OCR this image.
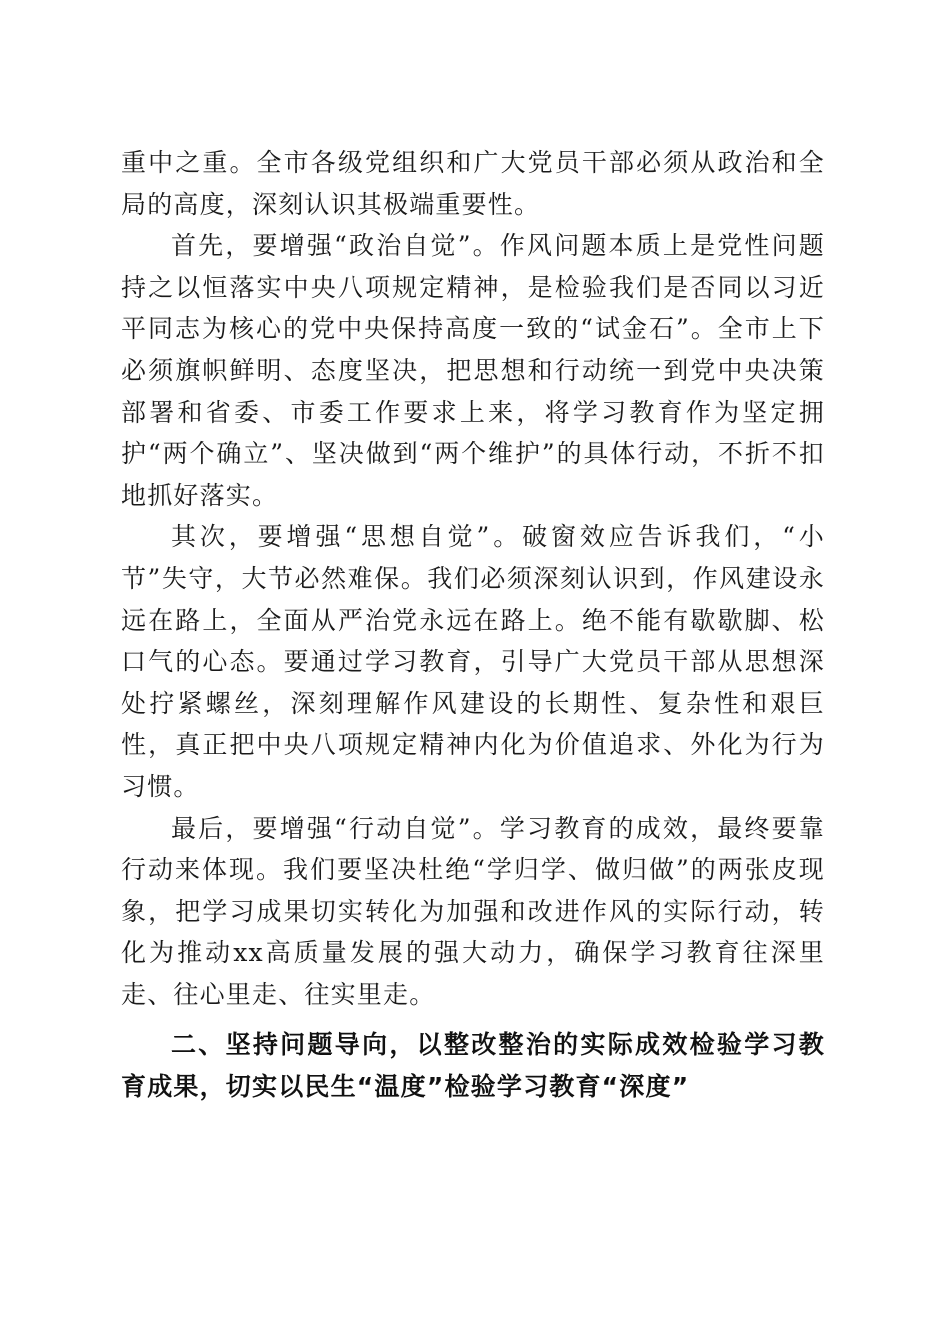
重中之重。全市各级党组织和广大党员干部必须从政治和全局的高度，深刻认识其极端重要性。

首先，要增强“政治自觉”。作风问题本质上是党性问题持之以恒落实中央八项规定精神，是检验我们是否同以习近平同志为核心的党中央保持高度一致的“试金石”。全市上下必须旗帜鲜明、态度坚决，把思想和行动统一到党中央决策部署和省委、市委工作要求上来，将学习教育作为坚定拥护“两个确立”、坚决做到“两个维护”的具体行动，不折不扣地抓好落实。

其次，要增强“思想自觉”。破窗效应告诉我们，“小节”失守，大节必然难保。我们必须深刻认识到，作风建设永远在路上，全面从严治党永远在路上。绝不能有歇歇脚、松口气的心态。要通过学习教育，引导广大党员干部从思想深处拧紧螺丝，深刻理解作风建设的长期性、复杂性和艰巨性，真正把中央八项规定精神内化为价值追求、外化为行为习惯。

最后，要增强“行动自觉”。学习教育的成效，最终要靠行动来体现。我们要坚决杜绝“学归学、做归做”的两张皮现象，把学习成果切实转化为加强和改进作风的实际行动，转化为推动xx高质量发展的强大动力，确保学习教育往深里走、往心里走、往实里走。

二、坚持问题导向，以整改整治的实际成效检验学习教育成果，切实以民生“温度”检验学习教育“深度”
